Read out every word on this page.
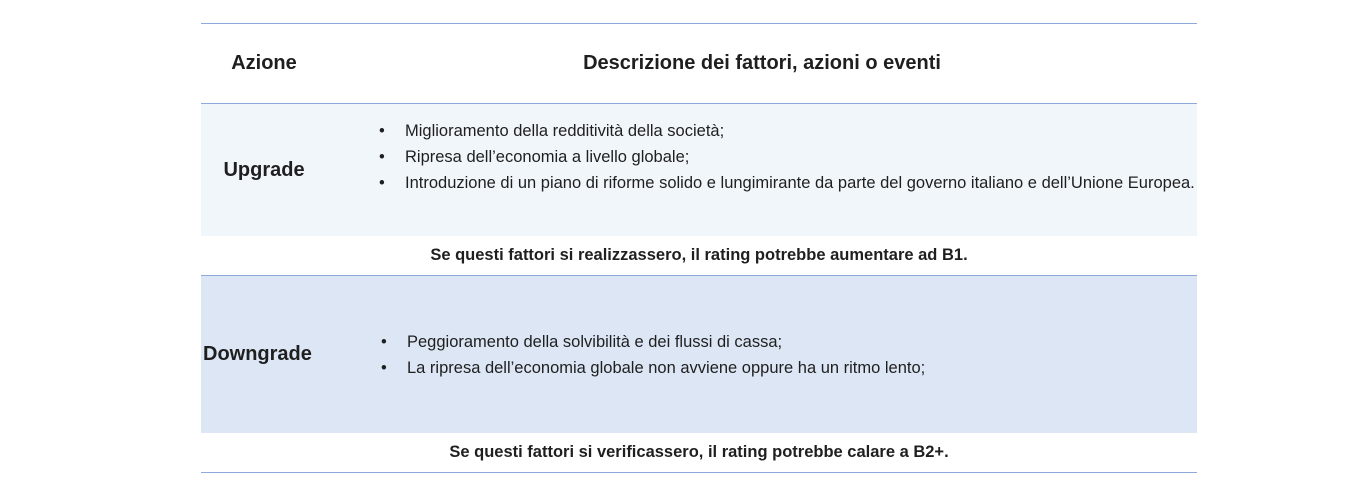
Azione	Descrizione dei fattori, azioni o eventi
Upgrade
• Miglioramento della redditività della società;
• Ripresa dell’economia a livello globale;
• Introduzione di un piano di riforme solido e lungimirante da parte del governo italiano e dell’Unione Europea.
Se questi fattori si realizzassero, il rating potrebbe aumentare ad B1.
Downgrade
• Peggioramento della solvibilità e dei flussi di cassa;
• La ripresa dell’economia globale non avviene oppure ha un ritmo lento;
Se questi fattori si verificassero, il rating potrebbe calare a B2+.
